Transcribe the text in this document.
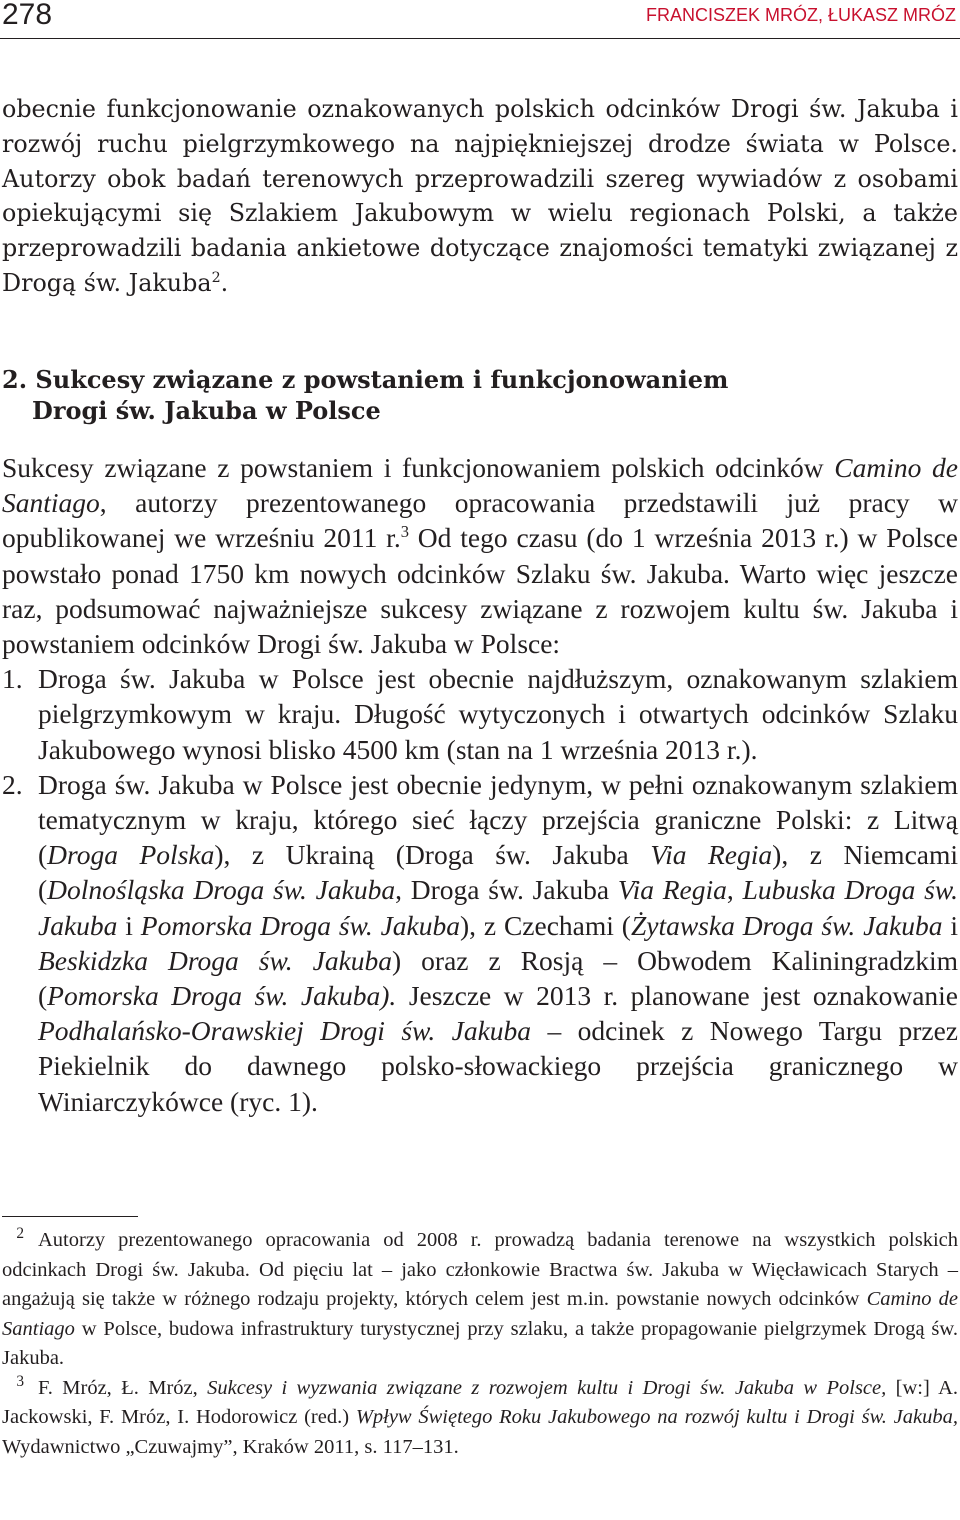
278	FRANCISZEK MRÓZ, ŁUKASZ MRÓZ

obecnie funkcjonowanie oznakowanych polskich odcinków Drogi św. Jakuba i rozwój ruchu pielgrzymkowego na najpiękniejszej drodze świata w Polsce. Autorzy obok badań terenowych przeprowadzili szereg wywiadów z osobami opiekującymi się Szlakiem Jakubowym w wielu regionach Polski, a także przeprowadzili badania ankietowe dotyczące znajomości tematyki związanej z Drogą św. Jakuba$^2$.

2. Sukcesy związane z powstaniem i funkcjonowaniem
Drogi św. Jakuba w Polsce

Sukcesy związane z powstaniem i funkcjonowaniem polskich odcinków Camino de Santiago, autorzy prezentowanego opracowania przedstawili już pracy w opublikowanej we wrześniu 2011 r.$^3$ Od tego czasu (do 1 września 2013 r.) w Polsce powstało ponad 1750 km nowych odcinków Szlaku św. Jakuba. Warto więc jeszcze raz, podsumować najważniejsze sukcesy związane z rozwojem kultu św. Jakuba i powstaniem odcinków Drogi św. Jakuba w Polsce:

1. Droga św. Jakuba w Polsce jest obecnie najdłuższym, oznakowanym szlakiem pielgrzymkowym w kraju. Długość wytyczonych i otwartych odcinków Szlaku Jakubowego wynosi blisko 4500 km (stan na 1 września 2013 r.).
2. Droga św. Jakuba w Polsce jest obecnie jedynym, w pełni oznakowanym szlakiem tematycznym w kraju, którego sieć łączy przejścia graniczne Polski: z Litwą (Droga Polska), z Ukrainą (Droga św. Jakuba Via Regia), z Niemcami (Dolnośląska Droga św. Jakuba, Droga św. Jakuba Via Regia, Lubuska Droga św. Jakuba i Pomorska Droga św. Jakuba), z Czechami (Żytawska Droga św. Jakuba i Beskidzka Droga św. Jakuba) oraz z Rosją – Obwodem Kaliningradzkim (Pomorska Droga św. Jakuba). Jeszcze w 2013 r. planowane jest oznakowanie Podhalańsko-Orawskiej Drogi św. Jakuba – odcinek z Nowego Targu przez Piekielnik do dawnego polsko-słowackiego przejścia granicznego w Winiarczykówce (ryc. 1).

$^2$ Autorzy prezentowanego opracowania od 2008 r. prowadzą badania terenowe na wszystkich polskich odcinkach Drogi św. Jakuba. Od pięciu lat – jako członkowie Bractwa św. Jakuba w Więcławicach Starych – angażują się także w różnego rodzaju projekty, których celem jest m.in. powstanie nowych odcinków Camino de Santiago w Polsce, budowa infrastruktury turystycznej przy szlaku, a także propagowanie pielgrzymek Drogą św. Jakuba.

$^3$ F. Mróz, Ł. Mróz, Sukcesy i wyzwania związane z rozwojem kultu i Drogi św. Jakuba w Polsce, [w:] A. Jackowski, F. Mróz, I. Hodorowicz (red.) Wpływ Świętego Roku Jakubowego na rozwój kultu i Drogi św. Jakuba, Wydawnictwo „Czuwajmy”, Kraków 2011, s. 117–131.
